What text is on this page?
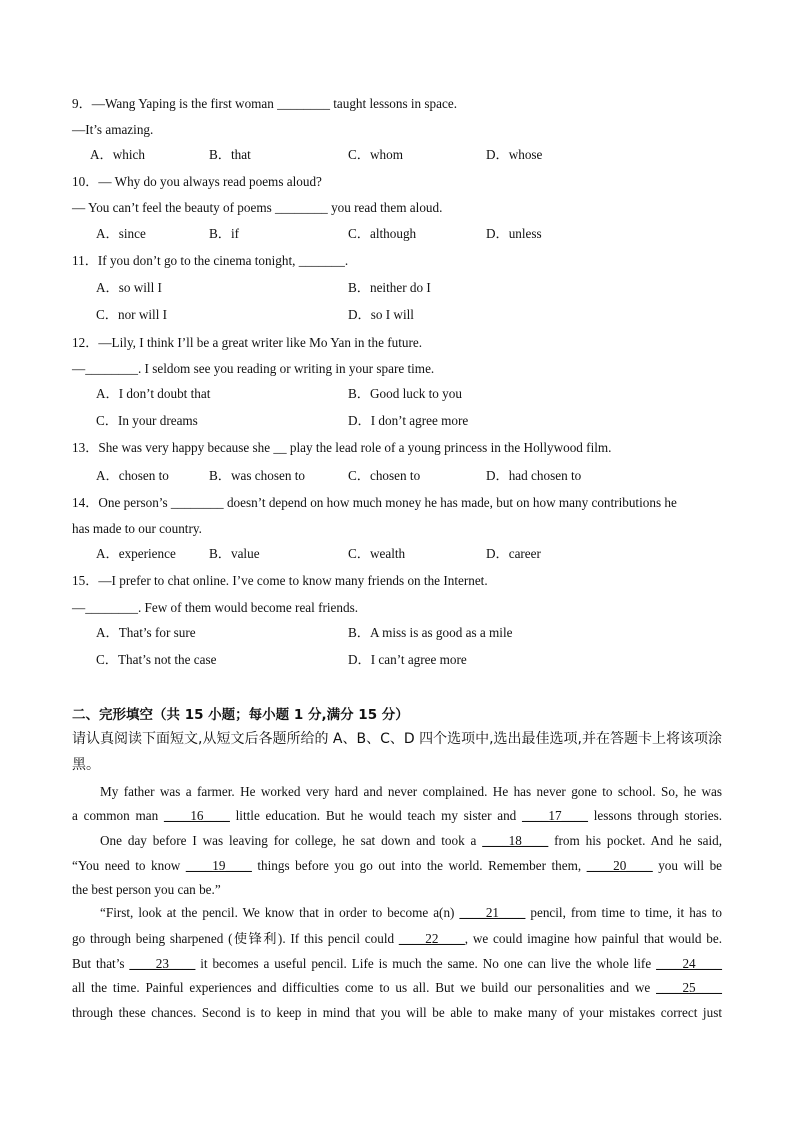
9．—Wang Yaping is the first woman ________ taught lessons in space.
—It’s amazing.
A．which	B．that	C．whom	D．whose
10．— Why do you always read poems aloud?
— You can’t feel the beauty of poems ________ you read them aloud.
A．since	B．if	C．although	D．unless
11．If you don’t go to the cinema tonight, _______.
A．so will I	B．neither do I
C．nor will I	D．so I will
12．—Lily, I think I’ll be a great writer like Mo Yan in the future.
—________. I seldom see you reading or writing in your spare time.
A．I don’t doubt that	B．Good luck to you
C．In your dreams	D．I don’t agree more
13．She was very happy because she __ play the lead role of a young princess in the Hollywood film.
A．chosen to	B．was chosen to	C．chosen to	D．had chosen to
14．One person’s ________ doesn’t depend on how much money he has made, but on how many contributions he
has made to our country.
A．experience	B．value	C．wealth	D．career
15．—I prefer to chat online. I’ve come to know many friends on the Internet.
—________. Few of them would become real friends.
A．That’s for sure	B．A miss is as good as a mile
C．That’s not the case	D．I can’t agree more
二、完形填空（共 15 小题；每小题 1 分,满分 15 分）
请认真阅读下面短文,从短文后各题所给的 A、B、C、D 四个选项中,选出最佳选项,并在答题卡上将该项涂
黑。
My father was a farmer. He worked very hard and never complained. He has never gone to school. So, he was
a common man ____16____ little education. But he would teach my sister and ____17____ lessons through stories.
One day before I was leaving for college, he sat down and took a ____18____ from his pocket. And he said,
“You need to know ____19____ things before you go out into the world. Remember them, ____20____ you will be
the best person you can be.”
“First, look at the pencil. We know that in order to become a(n) ____21____ pencil, from time to time, it has to
go through being sharpened (使锋利). If this pencil could ____22____, we could imagine how painful that would be.
But that’s ____23____ it becomes a useful pencil. Life is much the same. No one can live the whole life ____24____
all the time. Painful experiences and difficulties come to us all. But we build our personalities and we ____25____
through these chances. Second is to keep in mind that you will be able to make many of your mistakes correct just
